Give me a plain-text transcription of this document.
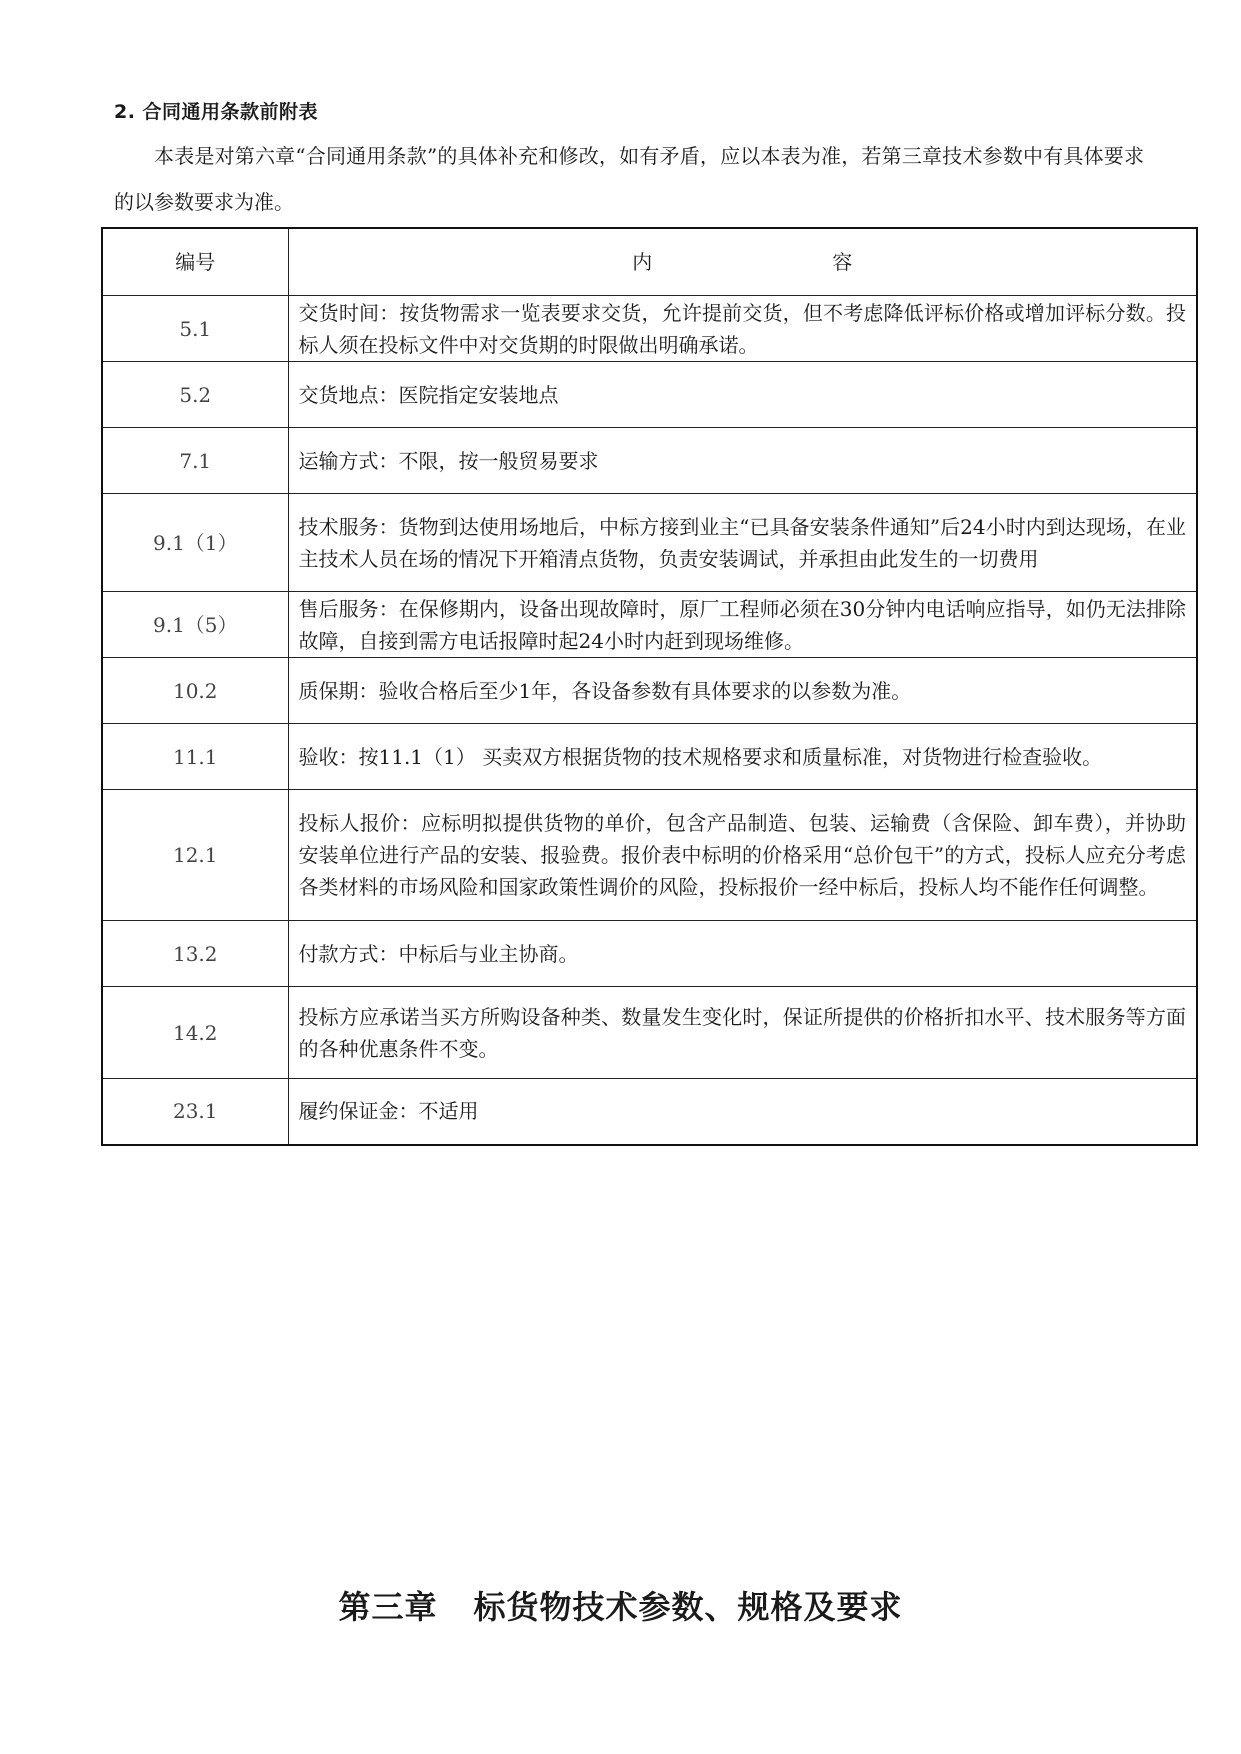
2. 合同通用条款前附表
本表是对第六章“合同通用条款”的具体补充和修改，如有矛盾，应以本表为准，若第三章技术参数中有具体要求的以参数要求为准。
编号	内 容
5.1	交货时间：按货物需求一览表要求交货，允许提前交货，但不考虑降低评标价格或增加评标分数。投标人须在投标文件中对交货期的时限做出明确承诺。
5.2	交货地点：医院指定安装地点
7.1	运输方式：不限，按一般贸易要求
9.1（1）	技术服务：货物到达使用场地后，中标方接到业主“已具备安装条件通知”后24小时内到达现场，在业主技术人员在场的情况下开箱清点货物，负责安装调试，并承担由此发生的一切费用
9.1（5）	售后服务：在保修期内，设备出现故障时，原厂工程师必须在30分钟内电话响应指导，如仍无法排除故障，自接到需方电话报障时起24小时内赶到现场维修。
10.2	质保期：验收合格后至少1年，各设备参数有具体要求的以参数为准。
11.1	验收：按11.1（1） 买卖双方根据货物的技术规格要求和质量标准，对货物进行检查验收。
12.1	投标人报价：应标明拟提供货物的单价，包含产品制造、包装、运输费（含保险、卸车费），并协助安装单位进行产品的安装、报验费。报价表中标明的价格采用“总价包干”的方式，投标人应充分考虑各类材料的市场风险和国家政策性调价的风险，投标报价一经中标后，投标人均不能作任何调整。
13.2	付款方式：中标后与业主协商。
14.2	投标方应承诺当买方所购设备种类、数量发生变化时，保证所提供的价格折扣水平、技术服务等方面的各种优惠条件不变。
23.1	履约保证金：不适用
第三章 标货物技术参数、规格及要求
